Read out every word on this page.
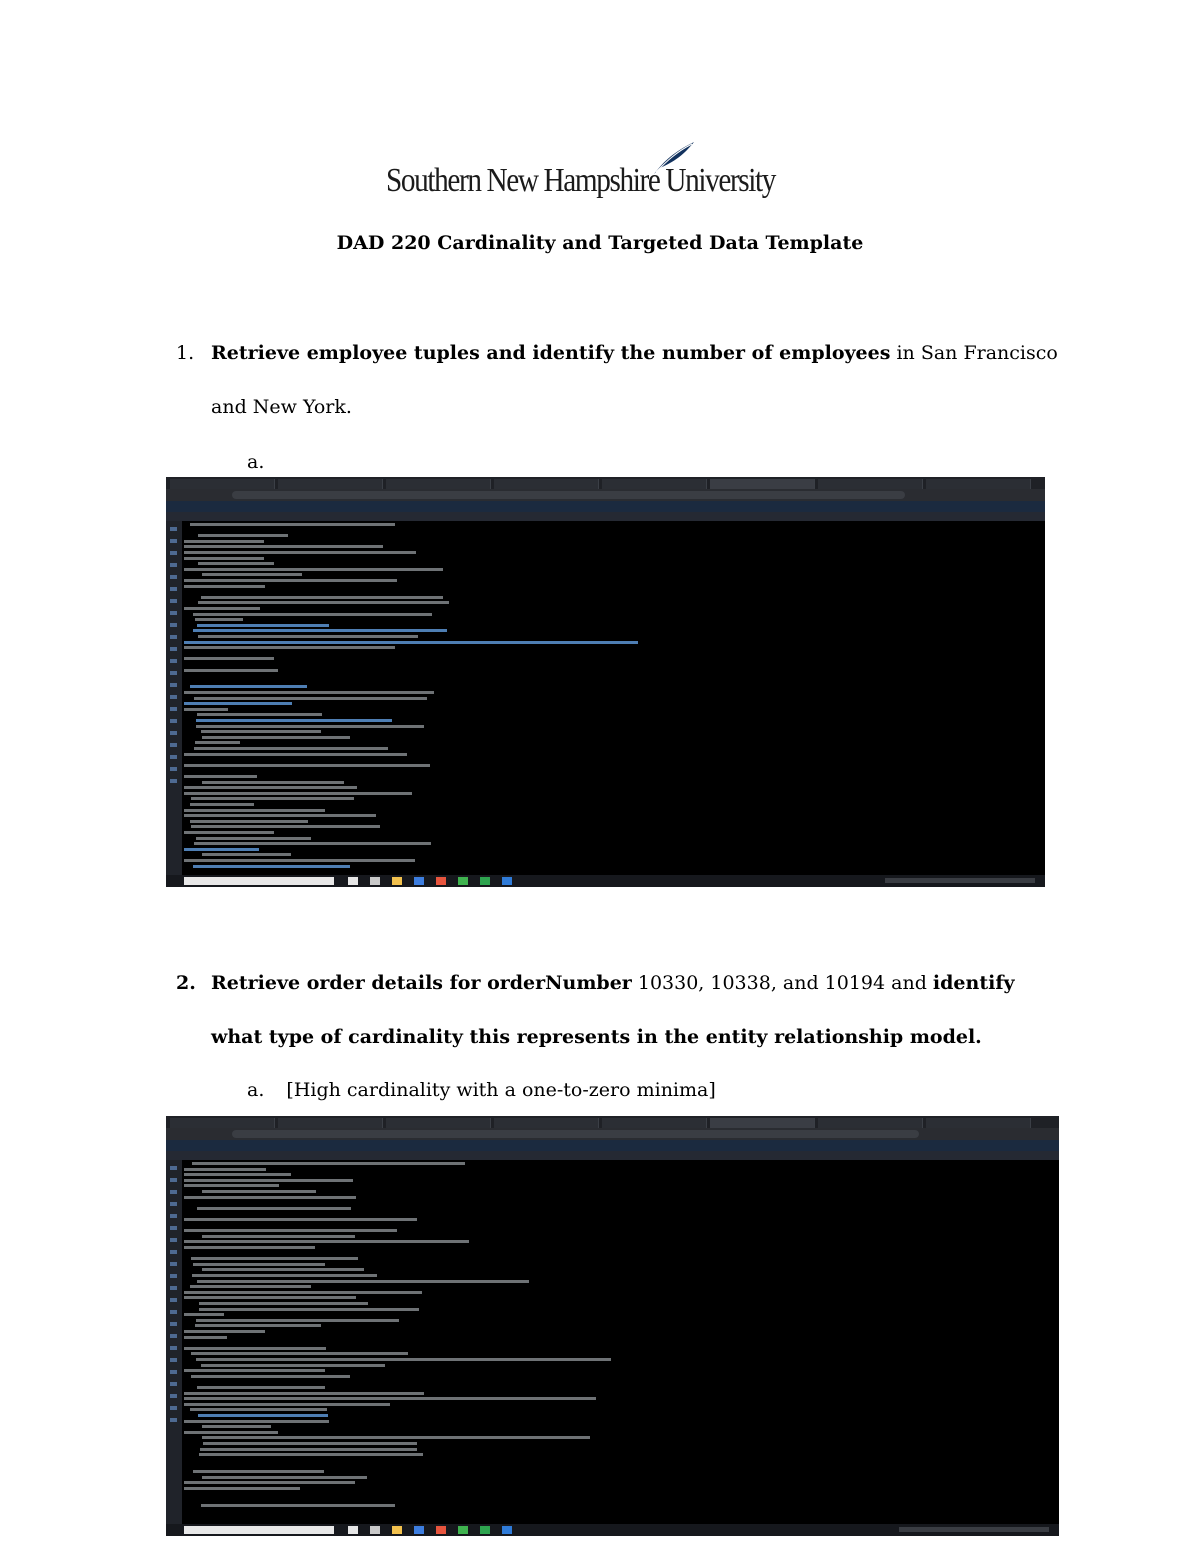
Southern New Hampshire University
DAD 220 Cardinality and Targeted Data Template
1. Retrieve employee tuples and identify the number of employees in San Francisco and New York.
a.
2. Retrieve order details for orderNumber 10330, 10338, and 10194 and identify what type of cardinality this represents in the entity relationship model.
a. [High cardinality with a one-to-zero minima]
